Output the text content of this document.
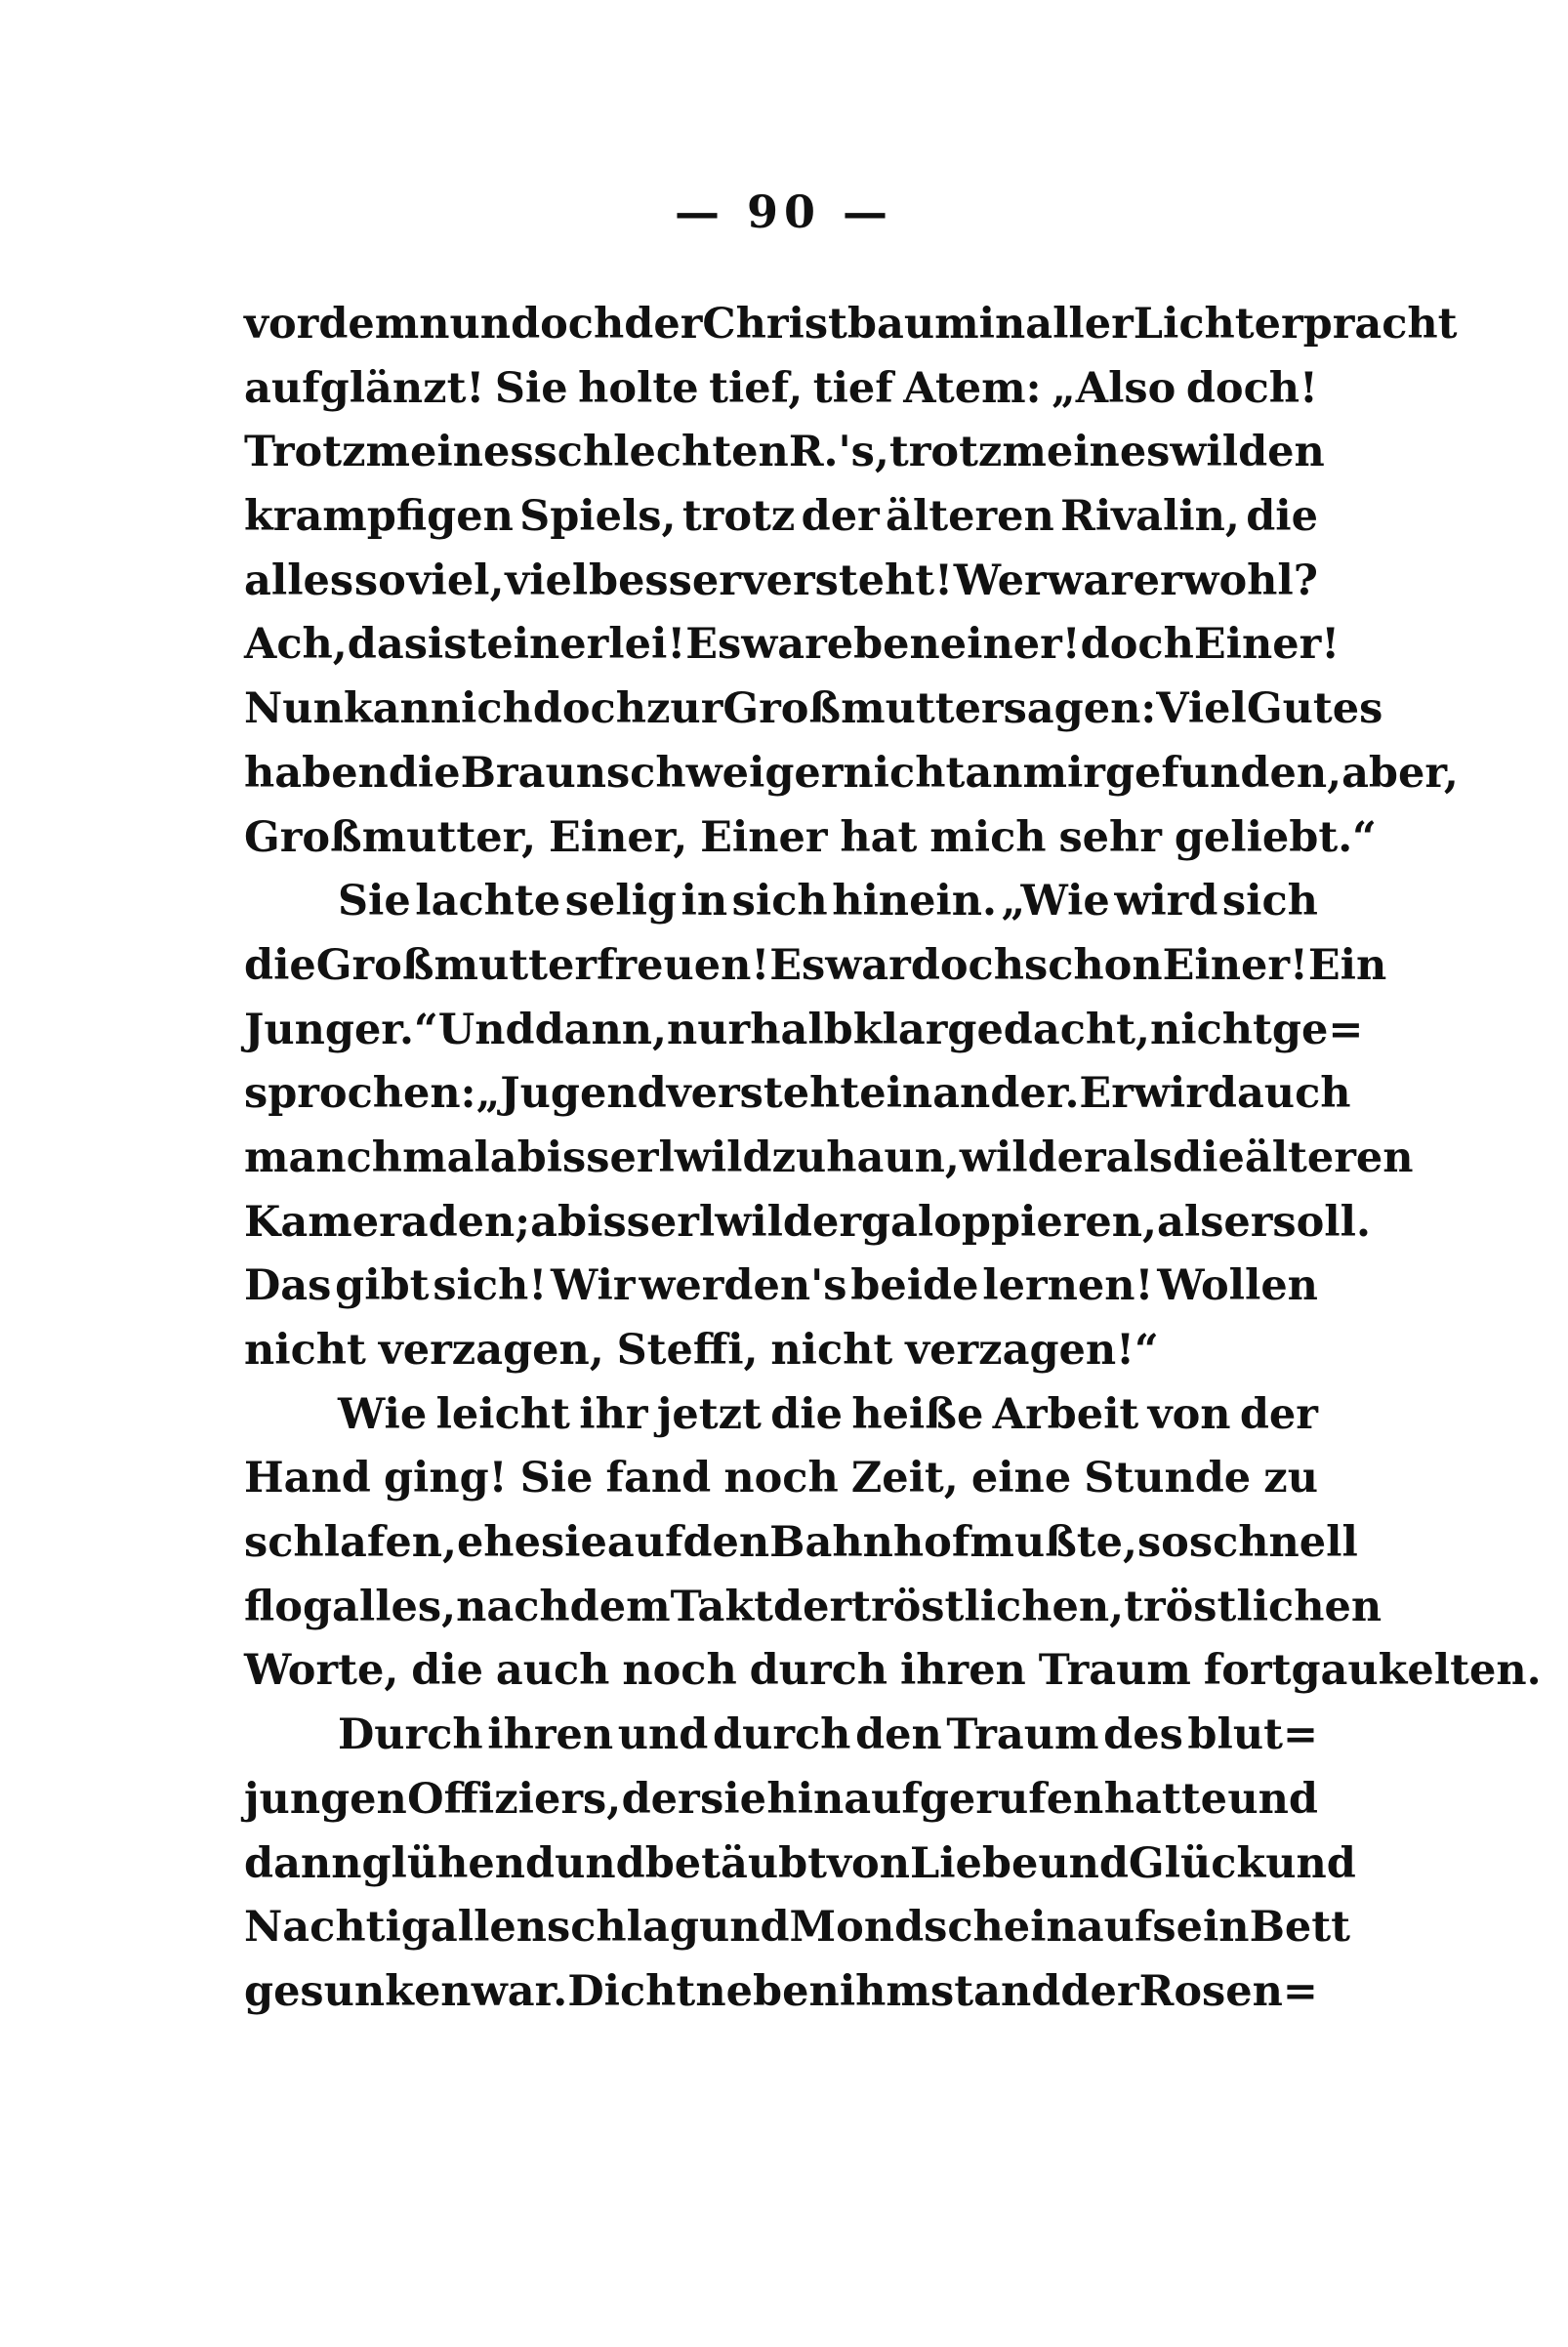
— 90 —
vor dem nun doch der Christbaum in aller Lichterpracht
aufglänzt! Sie holte tief, tief Atem: „Also doch!
Trotz meines schlechten R.'s, trotz meines wilden
krampfigen Spiels, trotz der älteren Rivalin, die
alles so viel, viel besser versteht! Wer war er wohl?
Ach, das ist einerlei! Es war eben einer! doch Einer!
Nun kann ich doch zur Großmutter sagen: Viel Gutes
haben die Braunschweiger nicht an mir gefunden, aber,
Großmutter, Einer, Einer hat mich sehr geliebt.“
Sie lachte selig in sich hinein. „Wie wird sich
die Großmutter freuen! Es war doch schon Einer! Ein
Junger.“ Und dann, nur halb klar gedacht, nicht ge=
sprochen: „Jugend versteht einander. Er wird auch
manchmal a bisserl wild zuhaun, wilder als die älteren
Kameraden; a bisserl wilder galoppieren, als er soll.
Das gibt sich! Wir werden's beide lernen! Wollen
nicht verzagen, Steffi, nicht verzagen!“
Wie leicht ihr jetzt die heiße Arbeit von der
Hand ging! Sie fand noch Zeit, eine Stunde zu
schlafen, ehe sie auf den Bahnhof mußte, so schnell
flog alles, nach dem Takt der tröstlichen, tröstlichen
Worte, die auch noch durch ihren Traum fortgaukelten.
Durch ihren und durch den Traum des blut=
jungen Offiziers, der sie hinaufgerufen hatte und
dann glühend und betäubt von Liebe und Glück und
Nachtigallenschlag und Mondschein auf sein Bett
gesunken war. Dicht neben ihm stand der Rosen=
